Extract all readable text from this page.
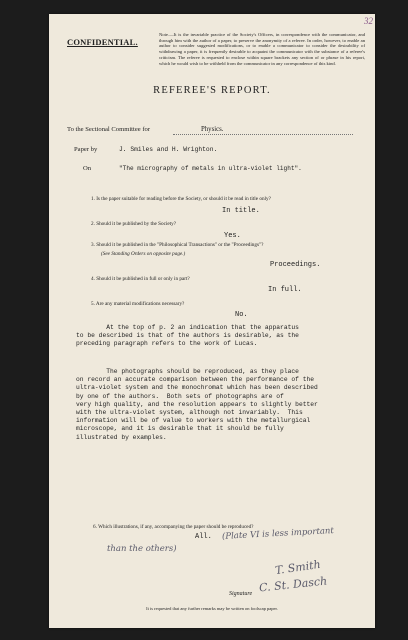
32
CONFIDENTIAL.
Note.—It is the invariable practice of the Society's Officers, in correspondence with the communicator, and through him with the author of a paper, to preserve the anonymity of a referee. In order, however, to enable an author to consider suggested modifications, or to enable a communicator to consider the desirability of withdrawing a paper, it is frequently desirable to acquaint the communicator with the substance of a referee's criticism. The referee is requested to enclose within square brackets any section of or phrase in his report, which he would wish to be withheld from the communicator in any correspondence of this kind.
REFEREE'S REPORT.
To the Sectional Committee for	Physics.
Paper by	J. Smiles and H. Wrighton.
On	"The micrography of metals in ultra-violet light".
1. Is the paper suitable for reading before the Society, or should it be read in title only?
In title.
2. Should it be published by the Society?
Yes.
3. Should it be published in the "Philosophical Transactions" or the "Proceedings"?
(See Standing Orders on opposite page.)
Proceedings.
4. Should it be published in full or only in part?
In full.
5. Are any material modifications necessary?
No.
At the top of p. 2 an indication that the apparatus
to be described is that of the authors is desirable, as the
preceding paragraph refers to the work of Lucas.
The photographs should be reproduced, as they place
on record an accurate comparison between the performance of the
ultra-violet system and the monochromat which has been described
by one of the authors.  Both sets of photographs are of
very high quality, and the resolution appears to slightly better
with the ultra-violet system, although not invariably.  This
information will be of value to workers with the metallurgical
microscope, and it is desirable that it should be fully
illustrated by examples.
6. Which illustrations, if any, accompanying the paper should be reproduced?
All. (Plate VI is less important
than the others)
Signature
T. Smith
C. St. Dasch
It is requested that any further remarks may be written on foolscap paper.
